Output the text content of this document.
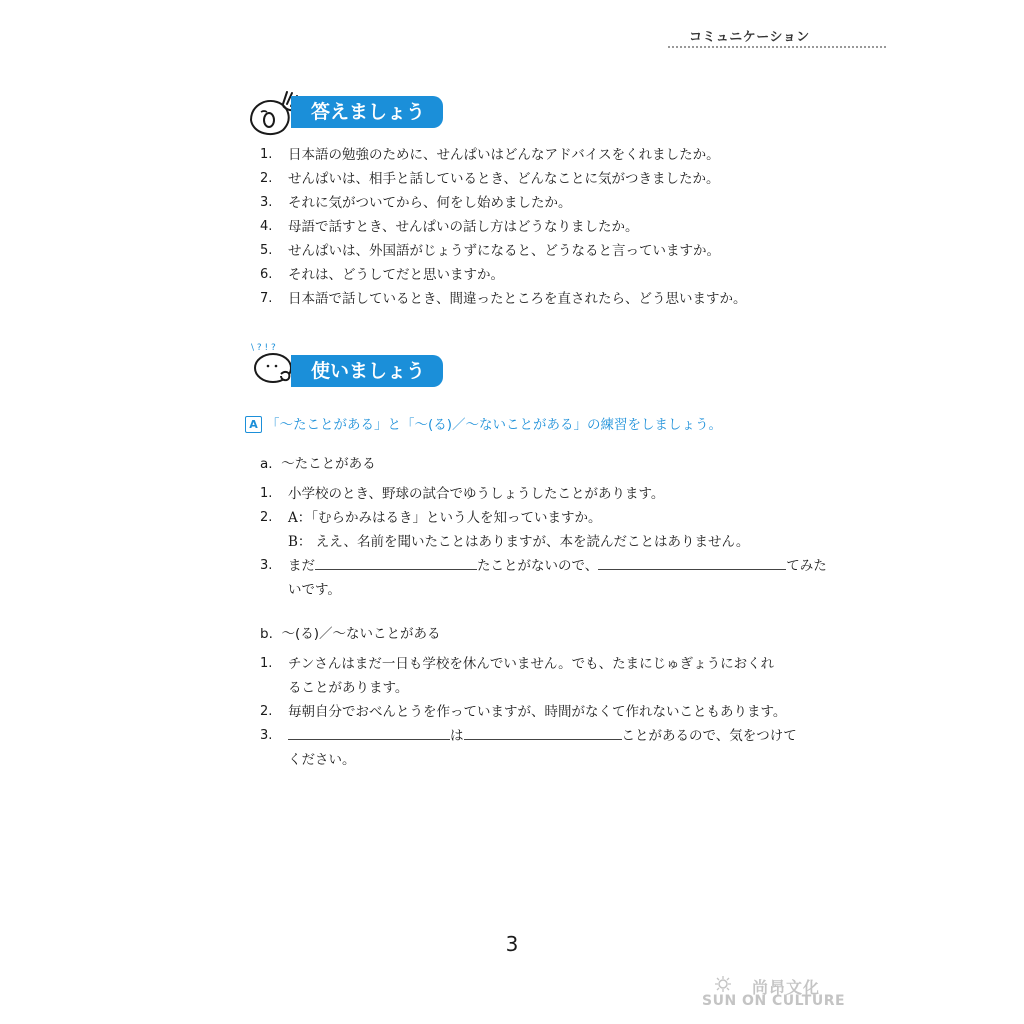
コミュニケーション
答えましょう
1. 日本語の勉強のために、せんぱいはどんなアドバイスをくれましたか。
2. せんぱいは、相手と話しているとき、どんなことに気がつきましたか。
3. それに気がついてから、何をし始めましたか。
4. 母語で話すとき、せんぱいの話し方はどうなりましたか。
5. せんぱいは、外国語がじょうずになると、どうなると言っていますか。
6. それは、どうしてだと思いますか。
7. 日本語で話しているとき、間違ったところを直されたら、どう思いますか。
\ ? ! ?
使いましょう
A 「〜たことがある」と「〜(る)／〜ないことがある」の練習をしましょう。
a. 〜たことがある
1. 小学校のとき、野球の試合でゆうしょうしたことがあります。
2. A：「むらかみはるき」という人を知っていますか。
B： ええ、名前を聞いたことはありますが、本を読んだことはありません。
3. まだ	たことがないので、	てみた
いです。
b. 〜(る)／〜ないことがある
1. チンさんはまだ一日も学校を休んでいません。でも、たまにじゅぎょうにおくれ
ることがあります。
2. 毎朝自分でおべんとうを作っていますが、時間がなくて作れないこともあります。
3.	は	ことがあるので、気をつけて
ください。
3
尚昂文化
SUN ON CULTURE
